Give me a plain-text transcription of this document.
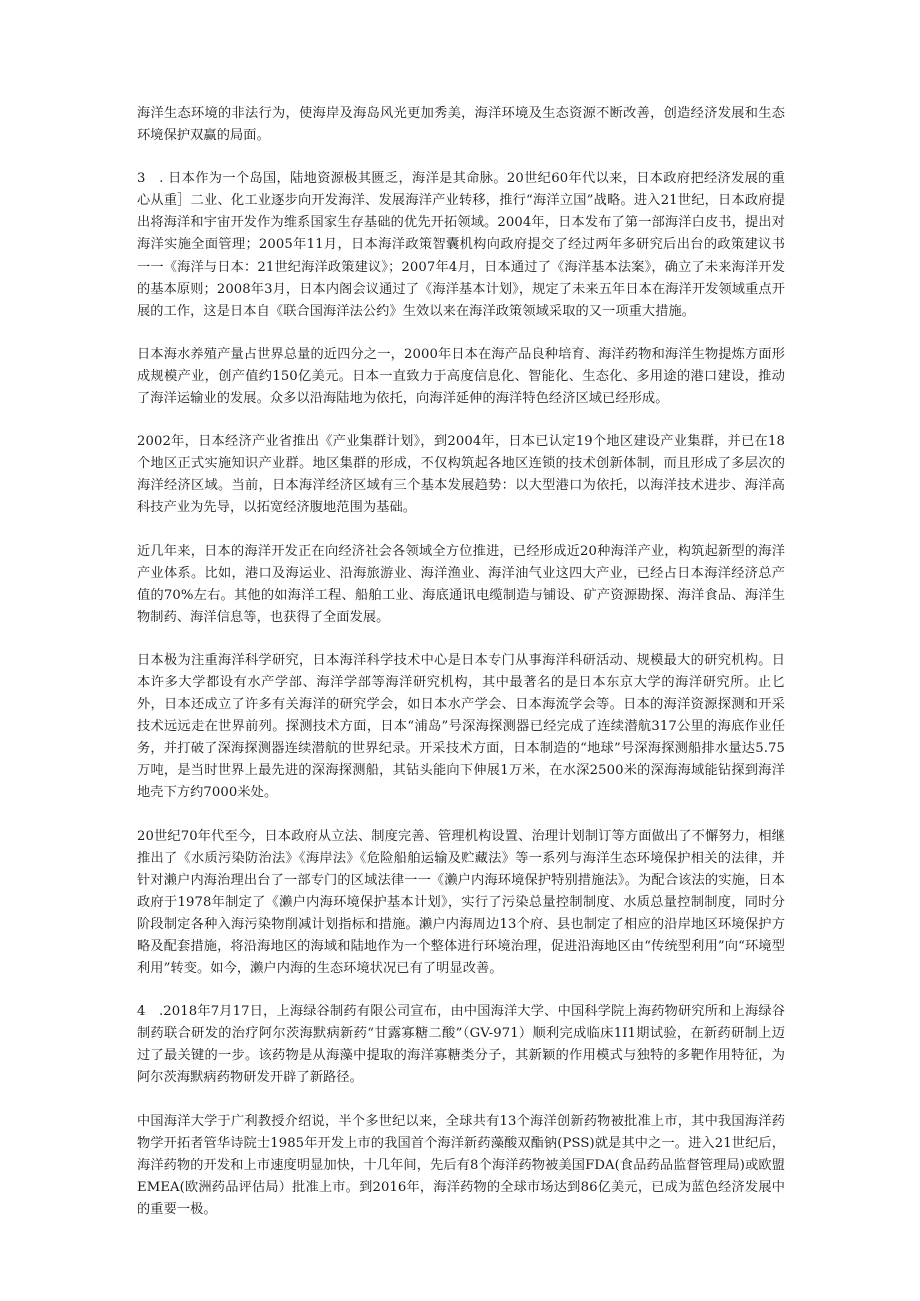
海洋生态环境的非法行为，使海岸及海岛风光更加秀美，海洋环境及生态资源不断改善，创造经济发展和生态环境保护双赢的局面。

3　. 日本作为一个岛国，陆地资源极其匮乏，海洋是其命脉。20世纪60年代以来，日本政府把经济发展的重心从重］二业、化工业逐步向开发海洋、发展海洋产业转移，推行“海洋立国”战略。进入21世纪，日本政府提出将海洋和宇宙开发作为维系国家生存基础的优先开拓领域。2004年，日本发布了第一部海洋白皮书，提出对海洋实施全面管理；2005年11月，日本海洋政策智囊机构向政府提交了经过两年多研究后出台的政策建议书一一《海洋与日本：21世纪海洋政策建议》；2007年4月，日本通过了《海洋基本法案》，确立了未来海洋开发的基本原则；2008年3月，日本内阁会议通过了《海洋基本计划》，规定了未来五年日本在海洋开发领域重点开展的工作，这是日本自《联合国海洋法公约》生效以来在海洋政策领域采取的又一项重大措施。

日本海水养殖产量占世界总量的近四分之一，2000年日本在海产品良种培育、海洋药物和海洋生物提炼方面形成规模产业，创产值约150亿美元。日本一直致力于高度信息化、智能化、生态化、多用途的港口建设，推动了海洋运输业的发展。众多以沿海陆地为依托，向海洋延伸的海洋特色经济区域已经形成。

2002年，日本经济产业省推出《产业集群计划》，到2004年，日本已认定19个地区建设产业集群，并已在18个地区正式实施知识产业群。地区集群的形成，不仅构筑起各地区连锁的技术创新体制，而且形成了多层次的海洋经济区域。当前，日本海洋经济区域有三个基本发展趋势：以大型港口为依托，以海洋技术进步、海洋高科技产业为先导，以拓宽经济腹地范围为基础。

近几年来，日本的海洋开发正在向经济社会各领域全方位推进，已经形成近20种海洋产业，构筑起新型的海洋产业体系。比如，港口及海运业、沿海旅游业、海洋渔业、海洋油气业这四大产业，已经占日本海洋经济总产值的70%左右。其他的如海洋工程、船舶工业、海底通讯电缆制造与铺设、矿产资源勘探、海洋食品、海洋生物制药、海洋信息等，也获得了全面发展。

日本极为注重海洋科学研究，日本海洋科学技术中心是日本专门从事海洋科研活动、规模最大的研究机构。日本许多大学都设有水产学部、海洋学部等海洋研究机构，其中最著名的是日本东京大学的海洋研究所。止匕外，日本还成立了许多有关海洋的研究学会，如日本水产学会、日本海流学会等。日本的海洋资源探测和开采技术远远走在世界前列。探测技术方面，日本“浦岛”号深海探测器已经完成了连续潜航317公里的海底作业任务，并打破了深海探测器连续潜航的世界纪录。开采技术方面，日本制造的“地球”号深海探测船排水量达5.75万吨，是当时世界上最先进的深海探测船，其钻头能向下伸展1万米，在水深2500米的深海海域能钻探到海洋地壳下方约7000米处。

20世纪70年代至今，日本政府从立法、制度完善、管理机构设置、治理计划制订等方面做出了不懈努力，相继推出了《水质污染防治法》《海岸法》《危险船舶运输及贮藏法》等一系列与海洋生态环境保护相关的法律，并针对濑户内海治理出台了一部专门的区域法律一一《濑户内海环境保护特别措施法》。为配合该法的实施，日本政府于1978年制定了《濑户内海环境保护基本计划》，实行了污染总量控制制度、水质总量控制制度，同时分阶段制定各种入海污染物削减计划指标和措施。濑户内海周边13个府、县也制定了相应的沿岸地区环境保护方略及配套措施，将沿海地区的海域和陆地作为一个整体进行环境治理，促进沿海地区由“传统型利用”向“环境型利用”转变。如今，濑户内海的生态环境状况已有了明显改善。

4　.2018年7月17日，上海绿谷制药有限公司宣布，由中国海洋大学、中国科学院上海药物研究所和上海绿谷制药联合研发的治疗阿尔茨海默病新药“甘露寡糖二酸”（GV-971）顺利完成临床1I1期试验，在新药研制上迈过了最关键的一步。该药物是从海藻中提取的海洋寡糖类分子，其新颖的作用模式与独特的多靶作用特征，为阿尔茨海默病药物研发开辟了新路径。

中国海洋大学于广利教授介绍说，半个多世纪以来，全球共有13个海洋创新药物被批准上市，其中我国海洋药物学开拓者管华诗院士1985年开发上市的我国首个海洋新药藻酸双酯钠(PSS)就是其中之一。进入21世纪后，海洋药物的开发和上市速度明显加快，十几年间，先后有8个海洋药物被美国FDA(食品药品监督管理局)或欧盟EMEA(欧洲药品评估局）批准上市。到2016年，海洋药物的全球市场达到86亿美元，已成为蓝色经济发展中的重要一极。
